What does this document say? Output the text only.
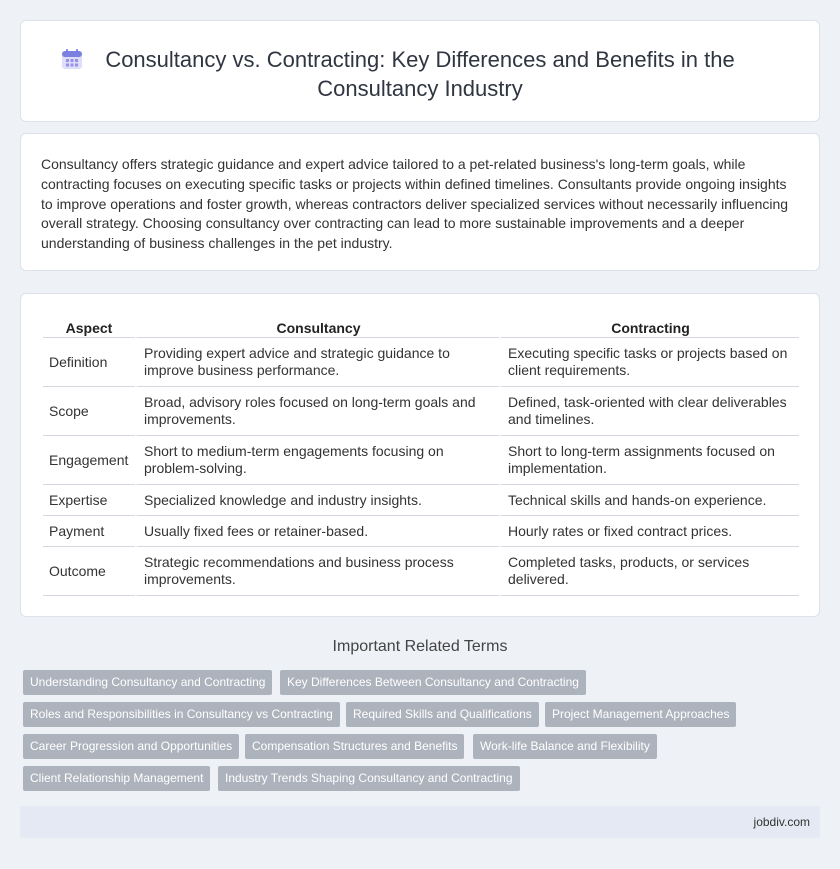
Consultancy vs. Contracting: Key Differences and Benefits in the Consultancy Industry

Consultancy offers strategic guidance and expert advice tailored to a pet-related business's long-term goals, while contracting focuses on executing specific tasks or projects within defined timelines. Consultants provide ongoing insights to improve operations and foster growth, whereas contractors deliver specialized services without necessarily influencing overall strategy. Choosing consultancy over contracting can lead to more sustainable improvements and a deeper understanding of business challenges in the pet industry.

Aspect	Consultancy	Contracting
Definition	Providing expert advice and strategic guidance to improve business performance.	Executing specific tasks or projects based on client requirements.
Scope	Broad, advisory roles focused on long-term goals and improvements.	Defined, task-oriented with clear deliverables and timelines.
Engagement	Short to medium-term engagements focusing on problem-solving.	Short to long-term assignments focused on implementation.
Expertise	Specialized knowledge and industry insights.	Technical skills and hands-on experience.
Payment	Usually fixed fees or retainer-based.	Hourly rates or fixed contract prices.
Outcome	Strategic recommendations and business process improvements.	Completed tasks, products, or services delivered.
Important Related Terms
Understanding Consultancy and Contracting	Key Differences Between Consultancy and Contracting
Roles and Responsibilities in Consultancy vs Contracting	Required Skills and Qualifications	Project Management Approaches
Career Progression and Opportunities	Compensation Structures and Benefits	Work-life Balance and Flexibility
Client Relationship Management	Industry Trends Shaping Consultancy and Contracting
jobdiv.com
